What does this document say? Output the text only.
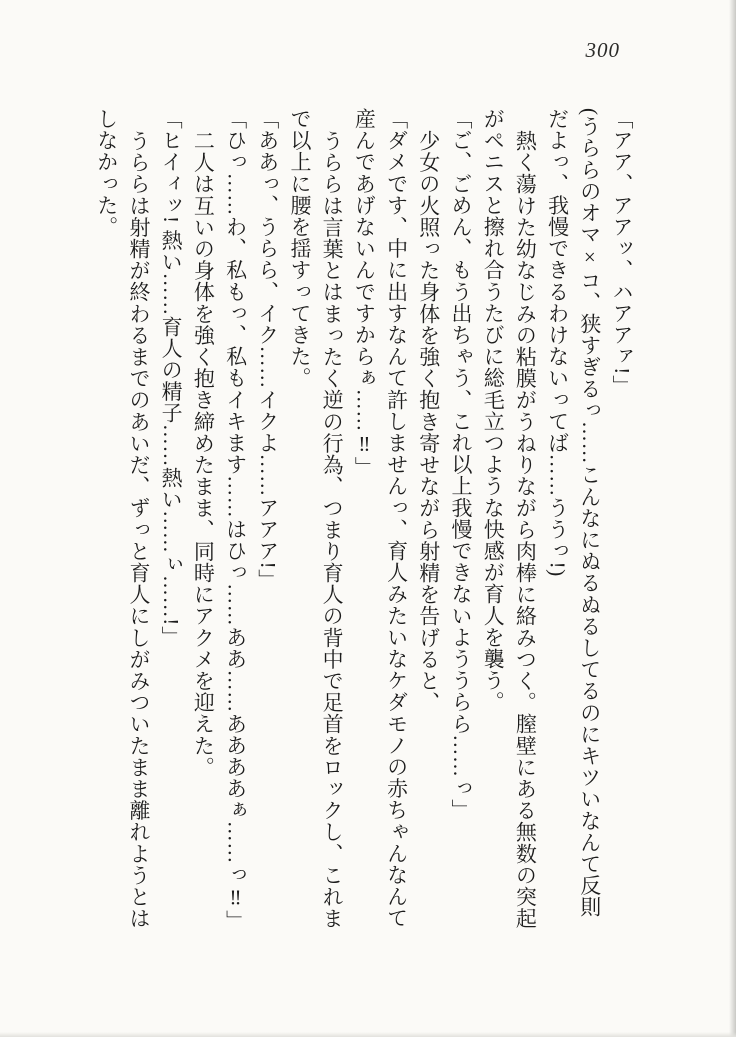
300
「アア、アアッ、ハアアァ!」
(うららのオマ×コ、狭すぎるっ……こんなにぬるぬるしてるのにキツいなんて反則
だよっ、我慢できるわけないってば……ううっ!)
熱く蕩けた幼なじみの粘膜がうねりながら肉棒に絡みつく。膣壁にある無数の突起
がペニスと擦れ合うたびに総毛立つような快感が育人を襲う。
「ご、ごめん、もう出ちゃう、これ以上我慢できないよううらら……っ」
少女の火照った身体を強く抱き寄せながら射精を告げると、
「ダメです、中に出すなんて許しませんっ、育人みたいなケダモノの赤ちゃんなんて
産んであげないんですからぁ……‼」
うららは言葉とはまったく逆の行為、つまり育人の背中で足首をロックし、これま
で以上に腰を揺すってきた。
「ああっ、うらら、イク……イクよ……アアア!」
「ひっ……わ、私もっ、私もイキます……はひっ……ああ……ああああぁ……っ‼」
二人は互いの身体を強く抱き締めたまま、同時にアクメを迎えた。
「ヒイィッ! 熱い……育人の精子……熱い……ぃ……!」
うららは射精が終わるまでのあいだ、ずっと育人にしがみついたまま離れようとは
しなかった。
